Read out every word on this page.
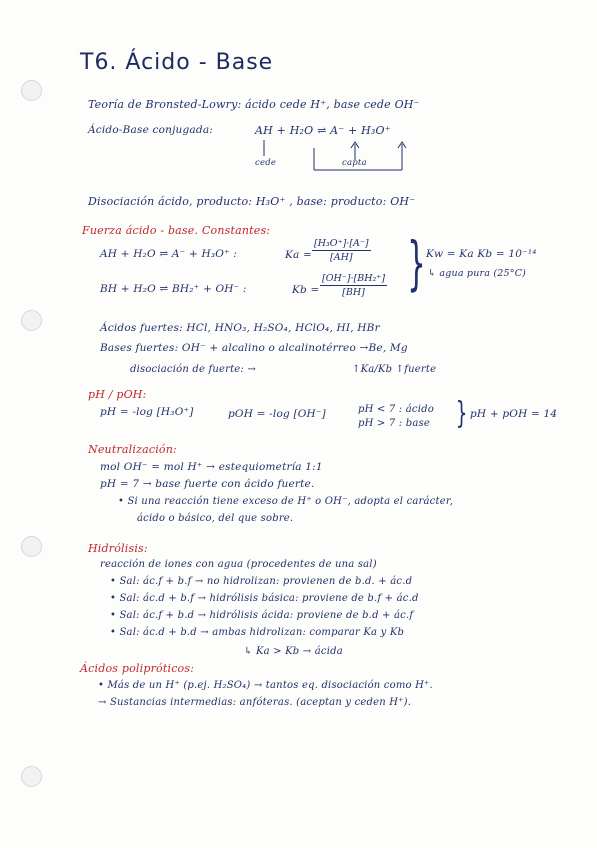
T6. Ácido - Base
Teoría de Bronsted-Lowry: ácido cede H⁺, base cede OH⁻
Ácido-Base conjugada:	AH + H₂O ⇌ A⁻ + H₃O⁺
cede	capta
Disociación ácido, producto: H₃O⁺ , base: producto: OH⁻
Fuerza ácido - base. Constantes:
AH + H₂O ⇌ A⁻ + H₃O⁺ :	$Ka = \frac{\text{[H₃O⁺]·[A⁻]}}{[AH]}$
BH + H₂O ⇌ BH₂⁺ + OH⁻ :	$Kb = \frac{\text{[OH⁻]·[BH₂⁺]}}{[BH]}$ } Kw = Ka Kb = 10⁻¹⁴
↳ agua pura (25°C)
Ácidos fuertes: HCl, HNO₃, H₂SO₄, HClO₄, HI, HBr
Bases fuertes: OH⁻ + alcalino o alcalinotérreo →Be, Mg
disociación de fuerte: →	↑Ka/Kb ↑fuerte
pH / pOH:
pH = -log [H₃O⁺]	pOH = -log [OH⁻]	pH < 7 : ácido
pH > 7 : base } pH + pOH = 14
Neutralización:
mol OH⁻ = mol H⁺ → estequiometría 1:1
pH = 7 → base fuerte con ácido fuerte.
• Si una reacción tiene exceso de H⁺ o OH⁻, adopta el carácter,
ácido o básico, del que sobre.
Hidrólisis:
reacción de iones con agua (procedentes de una sal)
• Sal: ác.f + b.f → no hidrolizan: provienen de b.d. + ác.d
• Sal: ác.d + b.f → hidrólisis básica: proviene de b.f + ác.d
• Sal: ác.f + b.d → hidrólisis ácida: proviene de b.d + ác.f
• Sal: ác.d + b.d → ambas hidrolizan: comparar Ka y Kb
↳ Ka > Kb → ácida
Ácidos polipróticos:
• Más de un H⁺ (p.ej. H₂SO₄) → tantos eq. disociación como H⁺.
→ Sustancias intermedias: anfóteras. (aceptan y ceden H⁺).
